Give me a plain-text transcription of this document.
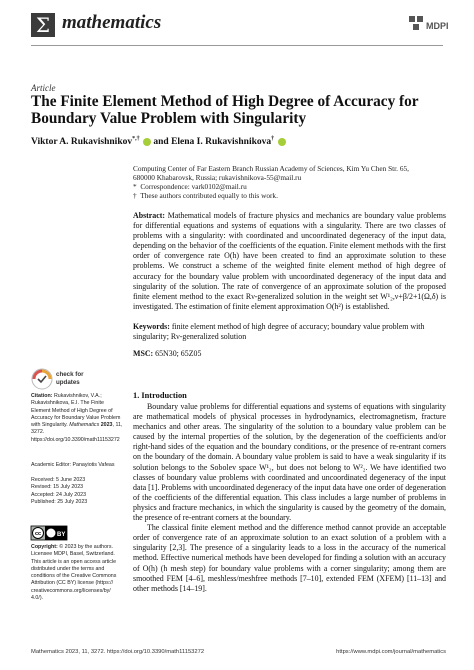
Σ mathematics	MDPI
Article
The Finite Element Method of High Degree of Accuracy for Boundary Value Problem with Singularity
Viktor A. Rukavishnikov*,† and Elena I. Rukavishnikova†
Computing Center of Far Eastern Branch Russian Academy of Sciences, Kim Yu Chen Str. 65,
680000 Khabarovsk, Russia; rukavishnikova-55@mail.ru
* Correspondence: vark0102@mail.ru
† These authors contributed equally to this work.
Abstract: Mathematical models of fracture physics and mechanics are boundary value problems for differential equations and systems of equations with a singularity. There are two classes of problems with a singularity: with coordinated and uncoordinated degeneracy of the input data, depending on the behavior of the coefficients of the equation. Finite element methods with the first order of convergence rate O(h) have been created to find an approximate solution to these problems. We construct a scheme of the weighted finite element method of high degree of accuracy for the boundary value problem with uncoordinated degeneracy of the input data and singularity of the solution. The rate of convergence of an approximate solution of the proposed finite element method to the exact Rν-generalized solution in the weight set W¹₂,ν+β/2+1(Ω,δ) is investigated. The estimation of finite element approximation O(h²) is established.
Keywords: finite element method of high degree of accuracy; boundary value problem with singularity; Rν-generalized solution
MSC: 65N30; 65Z05
check for
updates
Citation: Rukavishnikov, V.A.; Rukavishnikova, E.I. The Finite Element Method of High Degree of Accuracy for Boundary Value Problem with Singularity. Mathematics 2023, 11, 3272. https://doi.org/10.3390/math11153272
Academic Editor: Panayiotis Vafeas
Received: 5 June 2023
Revised: 15 July 2023
Accepted: 24 July 2023
Published: 25 July 2023
cc	BY
Copyright: © 2023 by the authors. Licensee MDPI, Basel, Switzerland. This article is an open access article distributed under the terms and conditions of the Creative Commons Attribution (CC BY) license (https:// creativecommons.org/licenses/by/ 4.0/).
1. Introduction

Boundary value problems for differential equations and systems of equations with singularity are mathematical models of physical processes in hydrodynamics, electromagnetism, fracture mechanics and other areas. The singularity of the solution to a boundary value problem can be caused by the internal properties of the solution, by the degeneration of the coefficients and/or right-hand sides of the equation and the boundary conditions, or the presence of re-entrant corners on the boundary of the domain. A boundary value problem is said to have a weak singularity if its solution belongs to the Sobolev space W¹₂, but does not belong to W²₂. We have identified two classes of boundary value problems with coordinated and uncoordinated degeneracy of the input data [1]. Problems with uncoordinated degeneracy of the input data have one order of degeneration of the coefficients of the differential equation. This class includes a large number of problems in physics and fracture mechanics, in which the singularity is caused by the geometry of the domain, the presence of re-entrant corners at the boundary.

The classical finite element method and the difference method cannot provide an acceptable order of convergence rate of an approximate solution to an exact solution of a problem with a singularity [2,3]. The presence of a singularity leads to a loss in the accuracy of the numerical method. Effective numerical methods have been developed for finding a solution with an accuracy of O(h) (h mesh step) for boundary value problems with a corner singularity; among them are smoothed FEM [4–6], meshless/meshfree methods [7–10], extended FEM (XFEM) [11–13] and other methods [14–19].

Mathematics 2023, 11, 3272. https://doi.org/10.3390/math11153272	https://www.mdpi.com/journal/mathematics
